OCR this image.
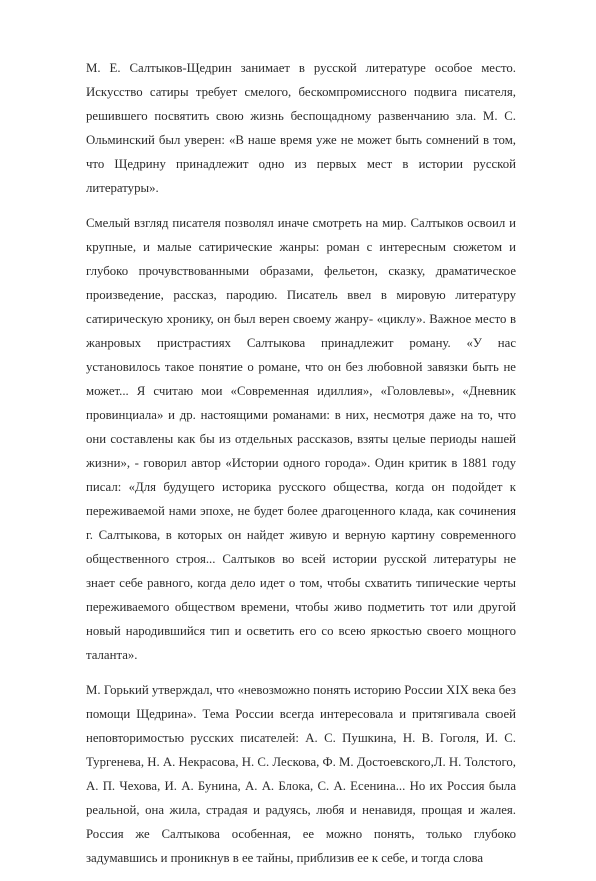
М. Е. Салтыков-Щедрин занимает в русской литературе особое место. Искусство сатиры требует смелого, бескомпромиссного подвига писателя, решившего посвятить свою жизнь беспощадному развенчанию зла. М. С. Ольминский был уверен: «В наше время уже не может быть сомнений в том, что Щедрину принадлежит одно из первых мест в истории русской литературы».

Смелый взгляд писателя позволял иначе смотреть на мир. Салтыков освоил и крупные, и малые сатирические жанры: роман с интересным сюжетом и глубоко прочувствованными образами, фельетон, сказку, драматическое произведение, рассказ, пародию. Писатель ввел в мировую литературу сатирическую хронику, он был верен своему жанру- «циклу». Важное место в жанровых пристрастиях Салтыкова принадлежит роману. «У нас установилось такое понятие о романе, что он без любовной завязки быть не может... Я считаю мои «Современная идиллия», «Головлевы», «Дневник провинциала» и др. настоящими романами: в них, несмотря даже на то, что они составлены как бы из отдельных рассказов, взяты целые периоды нашей жизни», - говорил автор «Истории одного города». Один критик в 1881 году писал: «Для будущего историка русского общества, когда он подойдет к переживаемой нами эпохе, не будет более драгоценного клада, как сочинения г. Салтыкова, в которых он найдет живую и верную картину современного общественного строя... Салтыков во всей истории русской литературы не знает себе равного, когда дело идет о том, чтобы схватить типические черты переживаемого обществом времени, чтобы живо подметить тот или другой новый народившийся тип и осветить его со всею яркостью своего мощного таланта».

М. Горький утверждал, что «невозможно понять историю России XIX века без помощи Щедрина». Тема России всегда интересовала и притягивала своей неповторимостью русских писателей: А. С. Пушкина, Н. В. Гоголя, И. С. Тургенева, Н. А. Некрасова, Н. С. Лескова, Ф. М. Достоевского,Л. Н. Толстого, А. П. Чехова, И. А. Бунина, А. А. Блока, С. А. Есенина... Но их Россия была реальной, она жила, страдая и радуясь, любя и ненавидя, прощая и жалея. Россия же Салтыкова особенная, ее можно понять, только глубоко задумавшись и проникнув в ее тайны, приблизив ее к себе, и тогда слова
